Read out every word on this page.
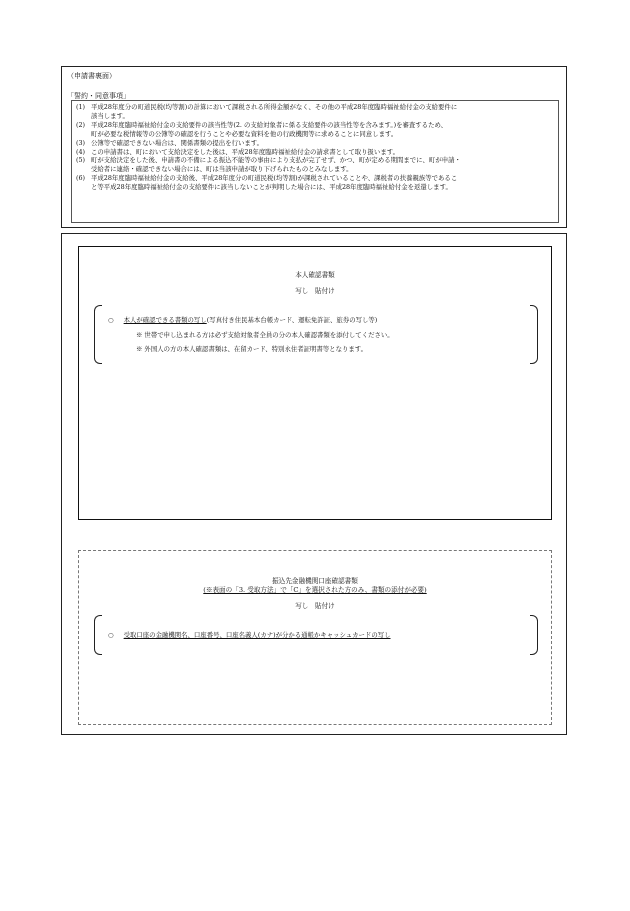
（申請書裏面）
「誓約・同意事項」
(1) 平成28年度分の町道民税(均等割)の計算において課税される所得金額がなく、その他の平成28年度臨時福祉給付金の支給要件に
該当します。
(2) 平成28年度臨時福祉給付金の支給要件の該当性等(2. の支給対象者に係る支給要件の該当性等を含みます。)を審査するため、
町が必要な税情報等の公簿等の確認を行うことや必要な資料を他の行政機関等に求めることに同意します。
(3) 公簿等で確認できない場合は、関係書類の提出を行います。
(4) この申請書は、町において支給決定をした後は、平成28年度臨時福祉給付金の請求書として取り扱います。
(5) 町が支給決定をした後、申請書の不備による振込不能等の事由により支払が完了せず、かつ、町が定める期間までに、町が申請・
受給者に連絡・確認できない場合には、町は当該申請が取り下げられたものとみなします。
(6) 平成28年度臨時福祉給付金の支給後、平成28年度分の町道民税(均等割)が課税されていることや、課税者の扶養親族等であるこ
と等平成28年度臨時福祉給付金の支給要件に該当しないことが判明した場合には、平成28年度臨時福祉給付金を返還します。
本人確認書類
写し　貼付け
○ 本人が確認できる書類の写し(写真付き住民基本台帳カード、運転免許証、旅券の写し等)
※ 世帯で申し込まれる方は必ず支給対象者全員の分の本人確認書類を添付してください。
※ 外国人の方の本人確認書類は、在留カード、特別永住者証明書等となります。
振込先金融機関口座確認書類
(※表面の「3. 受取方法」で「C」を選択された方のみ、書類の添付が必要)
写し　貼付け
○ 受取口座の金融機関名、口座番号、口座名義人(カナ)が分かる通帳かキャッシュカードの写し
